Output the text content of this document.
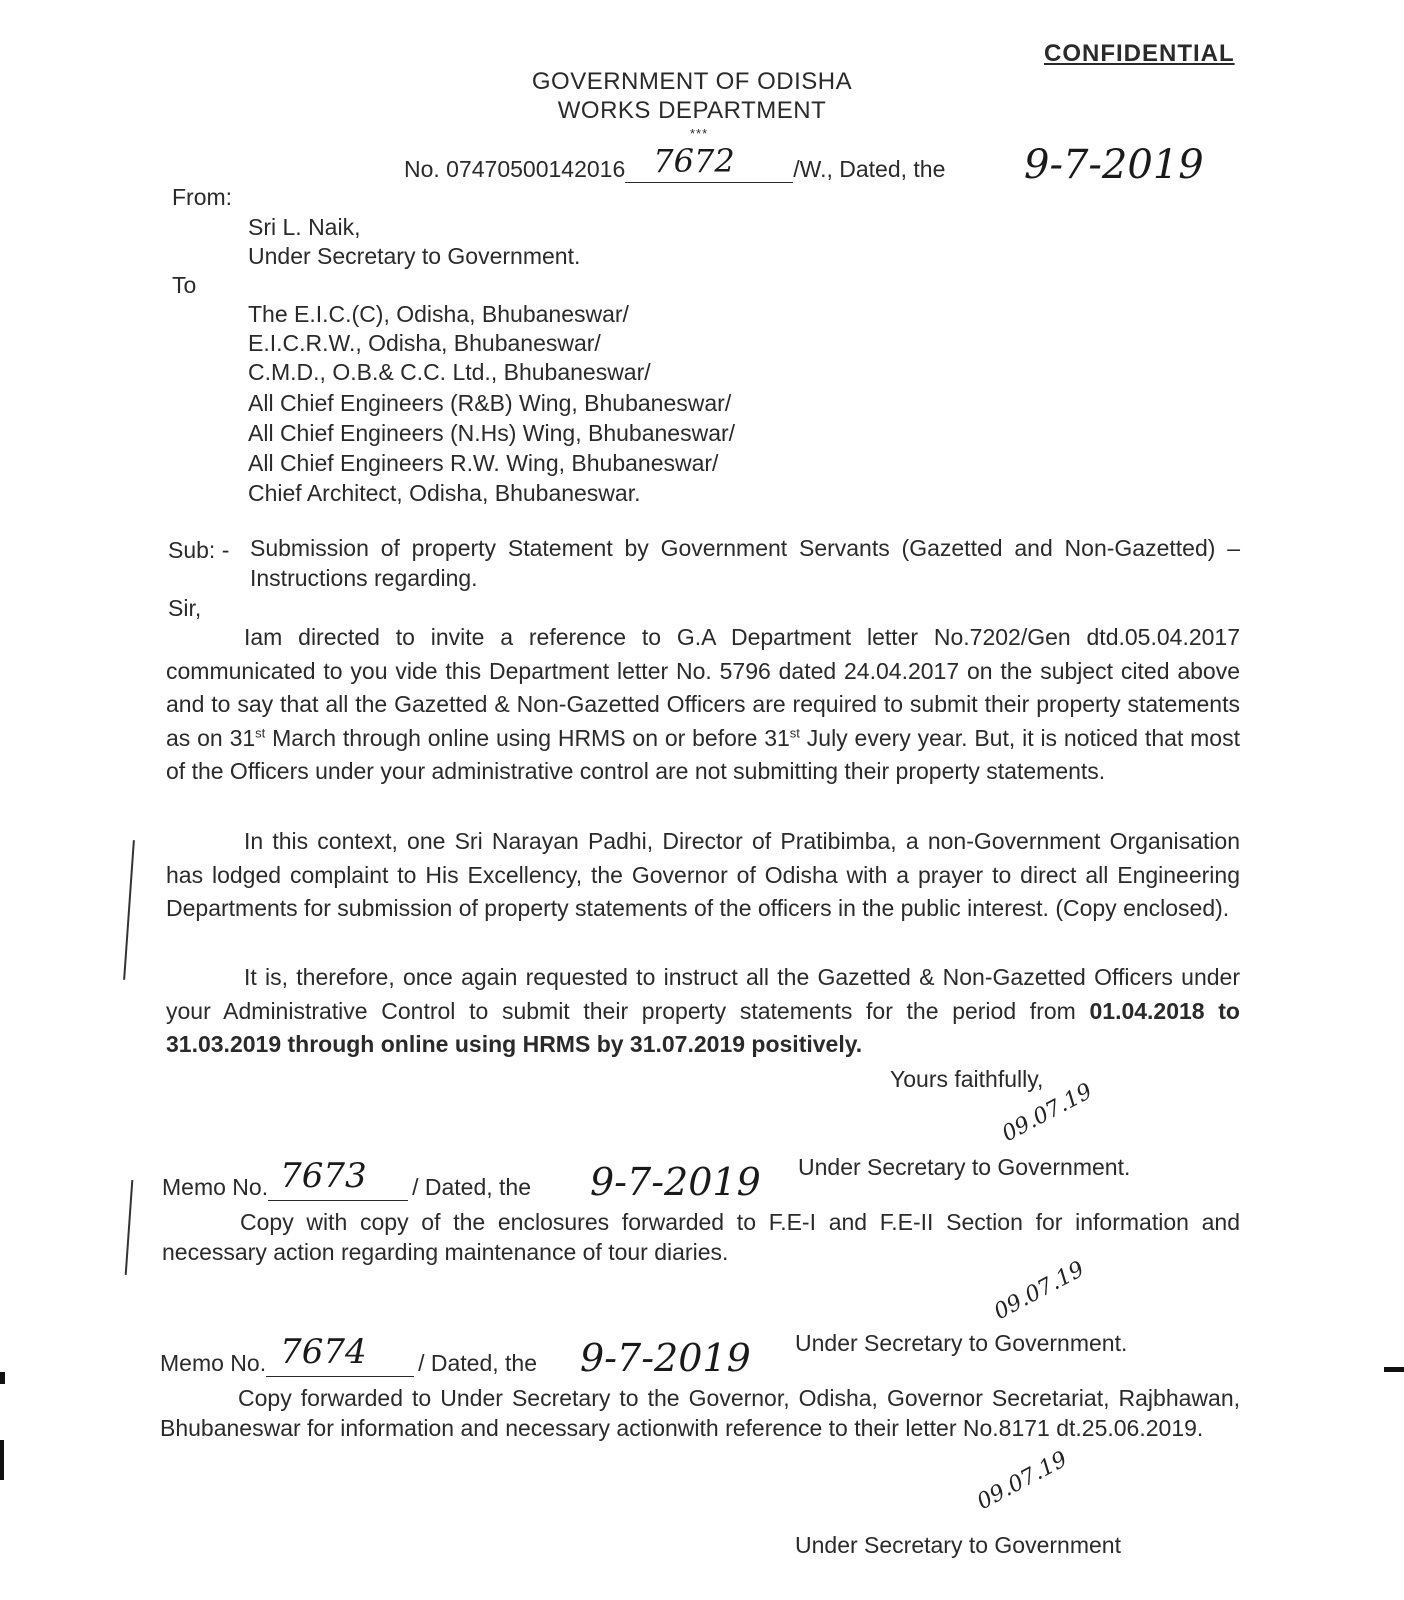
CONFIDENTIAL
GOVERNMENT OF ODISHA
WORKS DEPARTMENT
***
No. 07470500142016 7672	/W., Dated, the 9-7-2019
From:
Sri L. Naik,
Under Secretary to Government.
To
The E.I.C.(C), Odisha, Bhubaneswar/
E.I.C.R.W., Odisha, Bhubaneswar/
C.M.D., O.B.& C.C. Ltd., Bhubaneswar/
All Chief Engineers (R&B) Wing, Bhubaneswar/
All Chief Engineers (N.Hs) Wing, Bhubaneswar/
All Chief Engineers R.W. Wing, Bhubaneswar/
Chief Architect, Odisha, Bhubaneswar.
Sub: - Submission of property Statement by Government Servants (Gazetted and Non-Gazetted) –Instructions regarding.
Sir,
Iam directed to invite a reference to G.A Department letter No.7202/Gen dtd.05.04.2017 communicated to you vide this Department letter No. 5796 dated 24.04.2017 on the subject cited above and to say that all the Gazetted & Non-Gazetted Officers are required to submit their property statements as on 31st March through online using HRMS on or before 31st July every year. But, it is noticed that most of the Officers under your administrative control are not submitting their property statements.
In this context, one Sri Narayan Padhi, Director of Pratibimba, a non-Government Organisation has lodged complaint to His Excellency, the Governor of Odisha with a prayer to direct all Engineering Departments for submission of property statements of the officers in the public interest. (Copy enclosed).
It is, therefore, once again requested to instruct all the Gazetted & Non-Gazetted Officers under your Administrative Control to submit their property statements for the period from 01.04.2018 to 31.03.2019 through online using HRMS by 31.07.2019 positively.
Yours faithfully,
09.07.19
Under Secretary to Government.
Memo No. 7673 / Dated, the 9-7-2019
Copy with copy of the enclosures forwarded to F.E-I and F.E-II Section for information and necessary action regarding maintenance of tour diaries.
09.07.19
Under Secretary to Government.
Memo No. 7674 / Dated, the 9-7-2019
Copy forwarded to Under Secretary to the Governor, Odisha, Governor Secretariat, Rajbhawan, Bhubaneswar for information and necessary actionwith reference to their letter No.8171 dt.25.06.2019.
09.07.19
Under Secretary to Government
